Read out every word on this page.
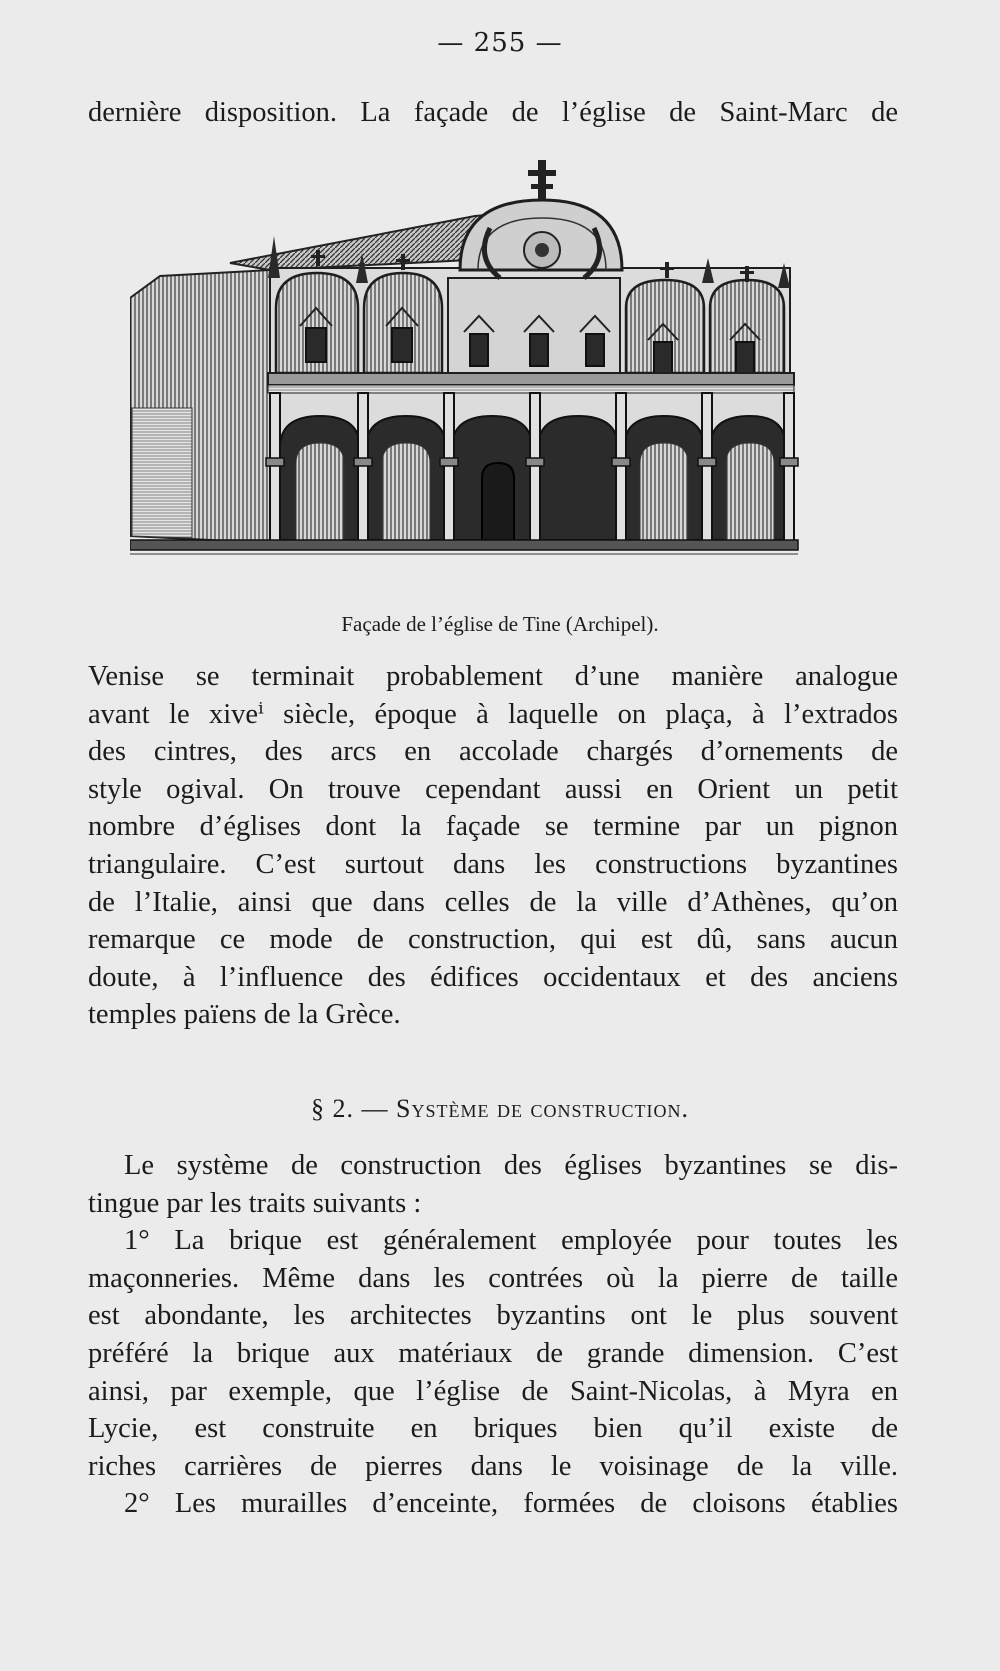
— 255 —
dernière disposition. La façade de l’église de Saint-Marc de
Façade de l’église de Tine (Archipel).
Venise se terminait probablement d’une manière analogue
avant le xiveⁱ siècle, époque à laquelle on plaça, à l’extrados
des cintres, des arcs en accolade chargés d’ornements de
style ogival. On trouve cependant aussi en Orient un petit
nombre d’églises dont la façade se termine par un pignon
triangulaire. C’est surtout dans les constructions byzantines
de l’Italie, ainsi que dans celles de la ville d’Athènes, qu’on
remarque ce mode de construction, qui est dû, sans aucun
doute, à l’influence des édifices occidentaux et des anciens
temples païens de la Grèce.
§ 2. — Système de construction.
Le système de construction des églises byzantines se dis-
tingue par les traits suivants :
1° La brique est généralement employée pour toutes les
maçonneries. Même dans les contrées où la pierre de taille
est abondante, les architectes byzantins ont le plus souvent
préféré la brique aux matériaux de grande dimension. C’est
ainsi, par exemple, que l’église de Saint-Nicolas, à Myra en
Lycie, est construite en briques bien qu’il existe de
riches carrières de pierres dans le voisinage de la ville.
2° Les murailles d’enceinte, formées de cloisons établies
